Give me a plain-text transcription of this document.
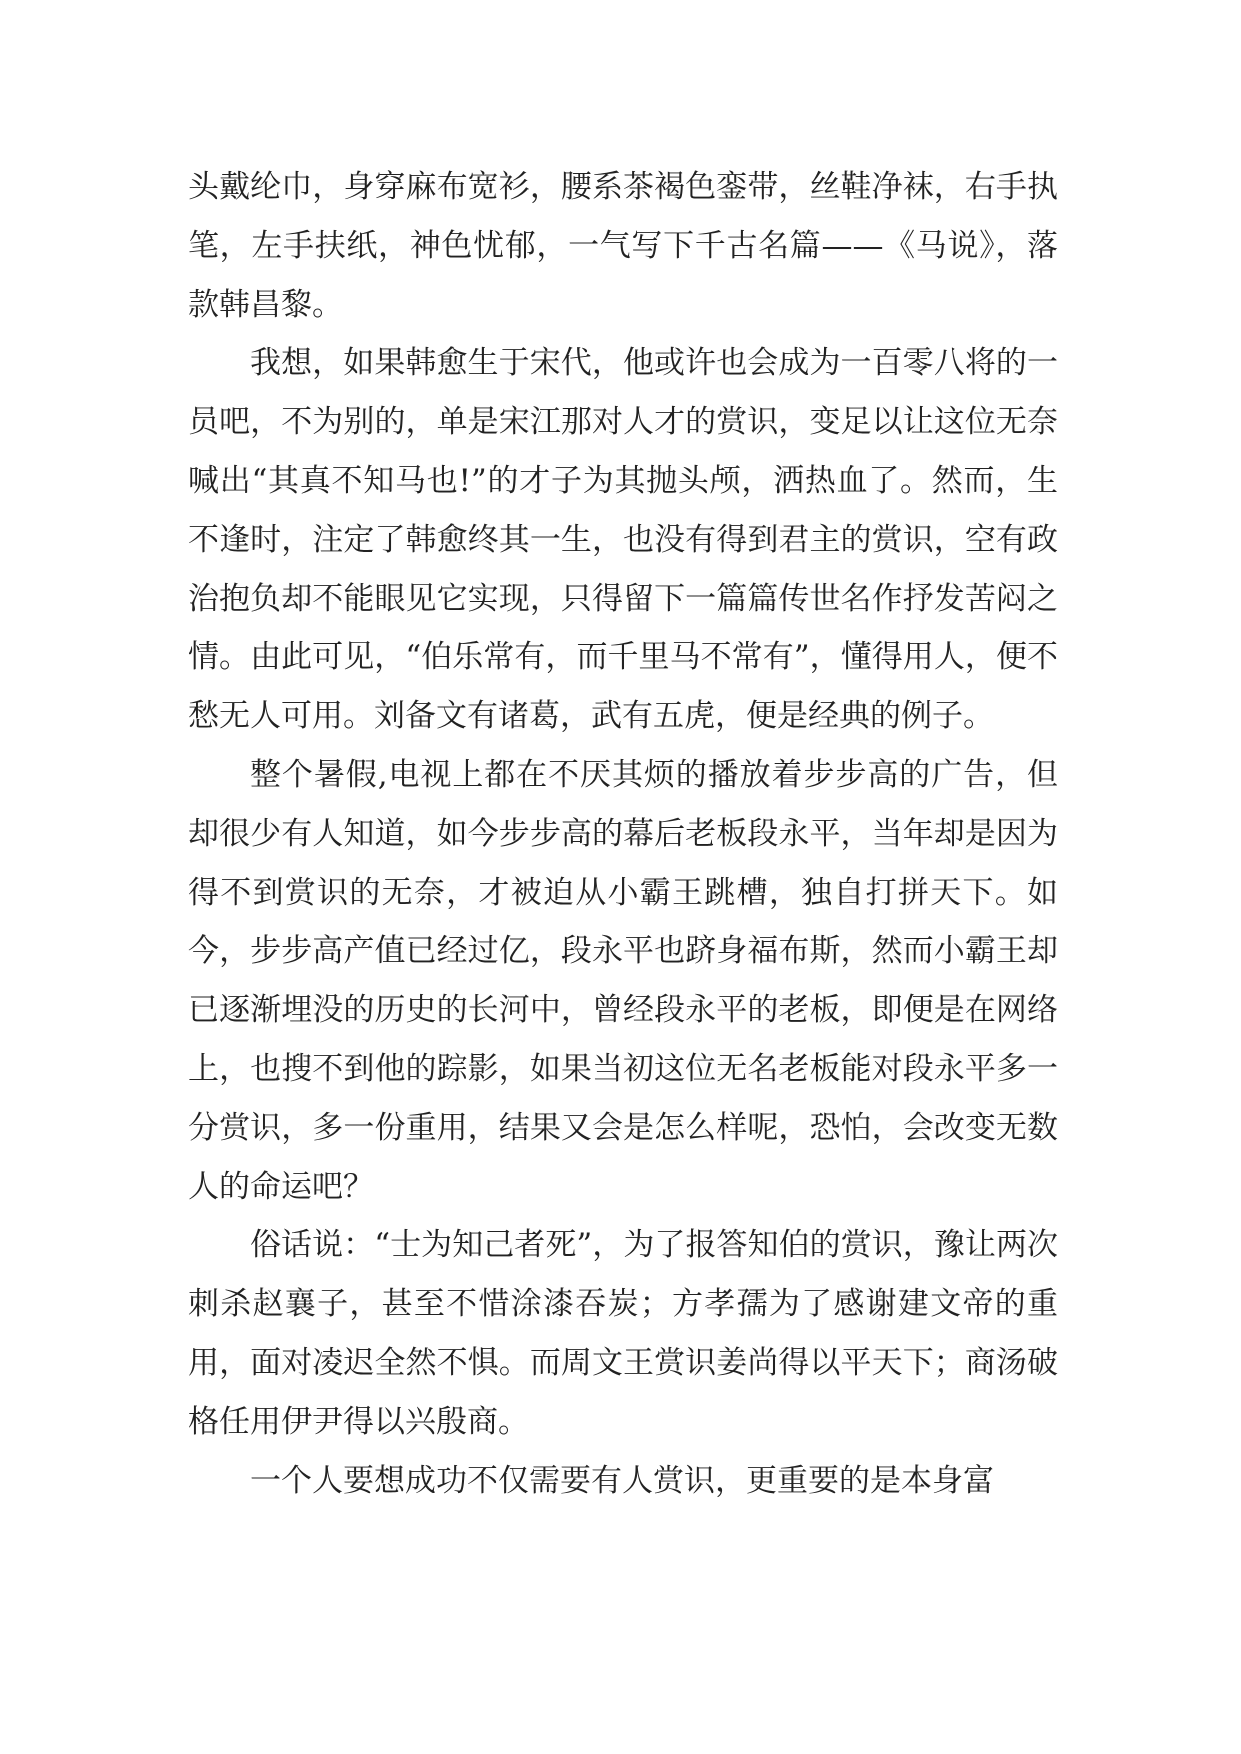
头戴纶巾，身穿麻布宽衫，腰系茶褐色銮带，丝鞋净袜，右手执笔，左手扶纸，神色忧郁，一气写下千古名篇——《马说》，落款韩昌黎。

我想，如果韩愈生于宋代，他或许也会成为一百零八将的一员吧，不为别的，单是宋江那对人才的赏识，变足以让这位无奈喊出“其真不知马也!”的才子为其抛头颅，洒热血了。然而，生不逢时，注定了韩愈终其一生，也没有得到君主的赏识，空有政治抱负却不能眼见它实现，只得留下一篇篇传世名作抒发苦闷之情。由此可见，“伯乐常有，而千里马不常有”，懂得用人，便不愁无人可用。刘备文有诸葛，武有五虎，便是经典的例子。

整个暑假,电视上都在不厌其烦的播放着步步高的广告，但却很少有人知道，如今步步高的幕后老板段永平，当年却是因为得不到赏识的无奈，才被迫从小霸王跳槽，独自打拼天下。如今，步步高产值已经过亿，段永平也跻身福布斯，然而小霸王却已逐渐埋没的历史的长河中，曾经段永平的老板，即便是在网络上，也搜不到他的踪影，如果当初这位无名老板能对段永平多一分赏识，多一份重用，结果又会是怎么样呢，恐怕，会改变无数人的命运吧？

俗话说：“士为知己者死”，为了报答知伯的赏识，豫让两次刺杀赵襄子，甚至不惜涂漆吞炭；方孝孺为了感谢建文帝的重用，面对凌迟全然不惧。而周文王赏识姜尚得以平天下；商汤破格任用伊尹得以兴殷商。

一个人要想成功不仅需要有人赏识，更重要的是本身富
